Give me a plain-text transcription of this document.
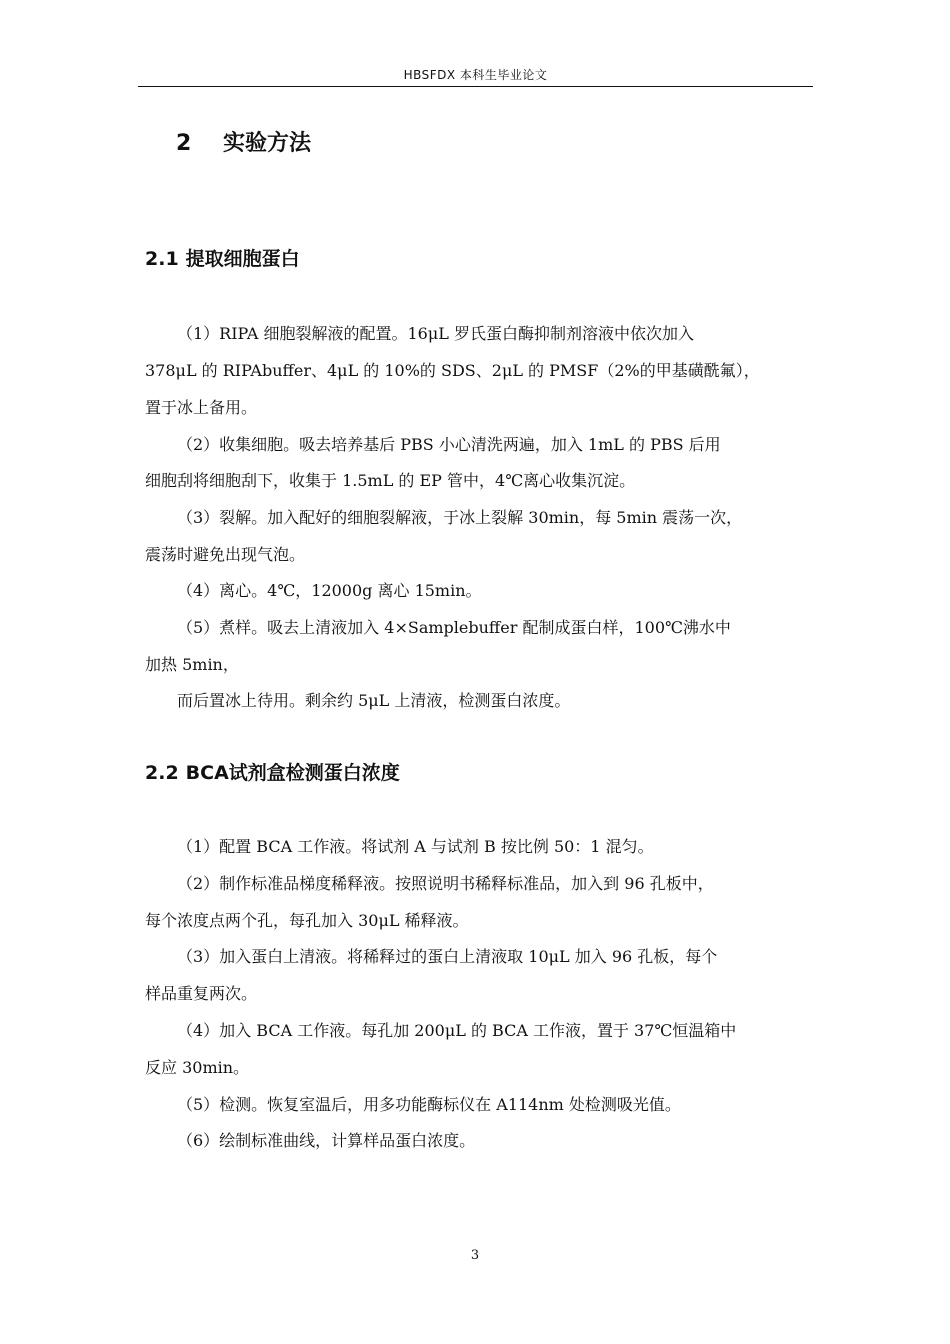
HBSFDX 本科生毕业论文
2 实验方法
2.1 提取细胞蛋白
（1）RIPA 细胞裂解液的配置。16μL 罗氏蛋白酶抑制剂溶液中依次加入
378μL 的 RIPAbuffer、4μL 的 10%的 SDS、2μL 的 PMSF（2%的甲基磺酰氟），
置于冰上备用。
（2）收集细胞。吸去培养基后 PBS 小心清洗两遍，加入 1mL 的 PBS 后用
细胞刮将细胞刮下，收集于 1.5mL 的 EP 管中，4℃离心收集沉淀。
（3）裂解。加入配好的细胞裂解液，于冰上裂解 30min，每 5min 震荡一次，
震荡时避免出现气泡。
（4）离心。4℃，12000g 离心 15min。
（5）煮样。吸去上清液加入 4×Samplebuffer 配制成蛋白样，100℃沸水中
加热 5min，
而后置冰上待用。剩余约 5μL 上清液，检测蛋白浓度。
2.2 BCA试剂盒检测蛋白浓度
（1）配置 BCA 工作液。将试剂 A 与试剂 B 按比例 50：1 混匀。
（2）制作标准品梯度稀释液。按照说明书稀释标准品，加入到 96 孔板中，
每个浓度点两个孔，每孔加入 30μL 稀释液。
（3）加入蛋白上清液。将稀释过的蛋白上清液取 10μL 加入 96 孔板，每个
样品重复两次。
（4）加入 BCA 工作液。每孔加 200μL 的 BCA 工作液，置于 37℃恒温箱中
反应 30min。
（5）检测。恢复室温后，用多功能酶标仪在 A114nm 处检测吸光值。
（6）绘制标准曲线，计算样品蛋白浓度。
3
